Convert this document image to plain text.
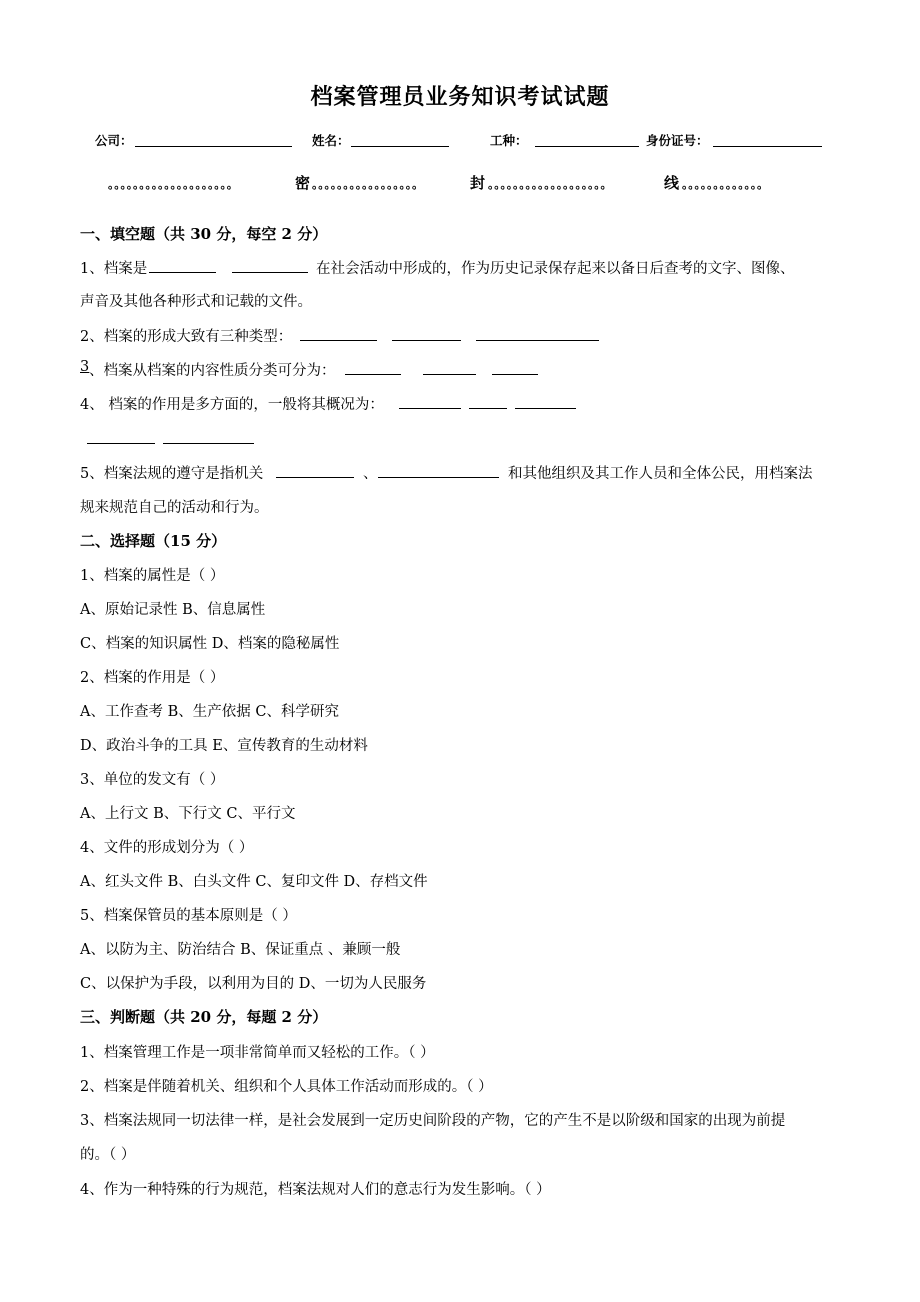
档案管理员业务知识考试试题
公司：	姓名：	工种：	身份证号：
。。。。。。。。。。。。。。。。。。。。	密 。。。。。。。。。。。。。。。。。	封 。。。。。。。。。。。。。。。。。。。	线 。。。。。。。。。。。。。
一、填空题（共 30 分，每空 2 分）
1、档案是	在社会活动中形成的，作为历史记录保存起来以备日后查考的文字、图像、
声音及其他各种形式和记载的文件。
2、档案的形成大致有三种类型：
3 、档案从档案的内容性质分类可分为：
4、 档案的作用是多方面的，一般将其概况为：
5、档案法规的遵守是指机关	、	和其他组织及其工作人员和全体公民，用档案法
规来规范自己的活动和行为。
二、选择题（15 分）
1、档案的属性是（ ）
A、原始记录性 B、信息属性
C、档案的知识属性 D、档案的隐秘属性
2、档案的作用是（ ）
A、工作查考 B、生产依据 C、科学研究
D、政治斗争的工具 E、宣传教育的生动材料
3、单位的发文有（ ）
A、上行文 B、下行文 C、平行文
4、文件的形成划分为（ ）
A、红头文件 B、白头文件 C、复印文件 D、存档文件
5、档案保管员的基本原则是（ ）
A、以防为主、防治结合 B、保证重点 、兼顾一般
C、以保护为手段，以利用为目的 D、一切为人民服务
三、判断题（共 20 分，每题 2 分）
1、档案管理工作是一项非常简单而又轻松的工作。（ ）
2、档案是伴随着机关、组织和个人具体工作活动而形成的。（ ）
3、档案法规同一切法律一样，是社会发展到一定历史间阶段的产物，它的产生不是以阶级和国家的出现为前提
的。（ ）
4、作为一种特殊的行为规范，档案法规对人们的意志行为发生影响。（ ）
